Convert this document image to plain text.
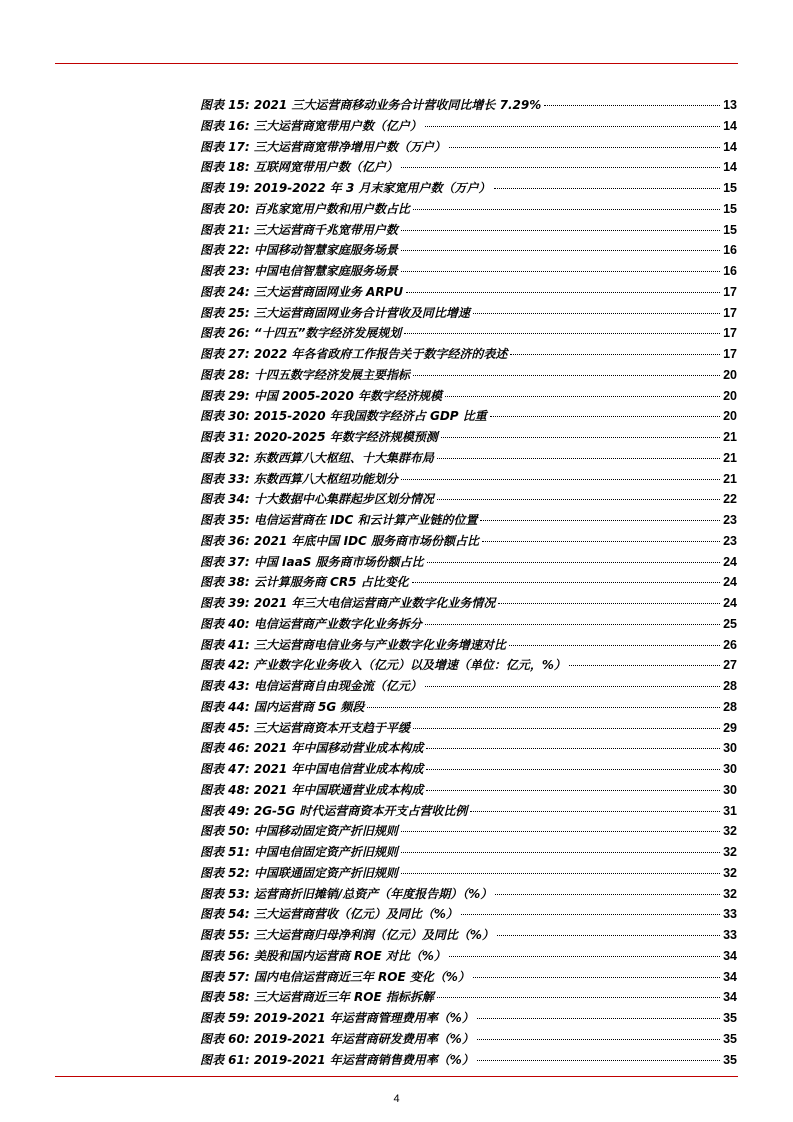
图表 15: 2021 三大运营商移动业务合计营收同比增长 7.29%	13
图表 16: 三大运营商宽带用户数（亿户）	14
图表 17: 三大运营商宽带净增用户数（万户）	14
图表 18: 互联网宽带用户数（亿户）	14
图表 19: 2019-2022 年 3 月末家宽用户数（万户）	15
图表 20: 百兆家宽用户数和用户数占比	15
图表 21: 三大运营商千兆宽带用户数	15
图表 22: 中国移动智慧家庭服务场景	16
图表 23: 中国电信智慧家庭服务场景	16
图表 24: 三大运营商固网业务 ARPU	17
图表 25: 三大运营商固网业务合计营收及同比增速	17
图表 26: “十四五”数字经济发展规划	17
图表 27: 2022 年各省政府工作报告关于数字经济的表述	17
图表 28: 十四五数字经济发展主要指标	20
图表 29: 中国 2005-2020 年数字经济规模	20
图表 30: 2015-2020 年我国数字经济占 GDP 比重	20
图表 31: 2020-2025 年数字经济规模预测	21
图表 32: 东数西算八大枢纽、十大集群布局	21
图表 33: 东数西算八大枢纽功能划分	21
图表 34: 十大数据中心集群起步区划分情况	22
图表 35: 电信运营商在 IDC 和云计算产业链的位置	23
图表 36: 2021 年底中国 IDC 服务商市场份额占比	23
图表 37: 中国 IaaS 服务商市场份额占比	24
图表 38: 云计算服务商 CR5 占比变化	24
图表 39: 2021 年三大电信运营商产业数字化业务情况	24
图表 40: 电信运营商产业数字化业务拆分	25
图表 41: 三大运营商电信业务与产业数字化业务增速对比	26
图表 42: 产业数字化业务收入（亿元）以及增速（单位：亿元，%）	27
图表 43: 电信运营商自由现金流（亿元）	28
图表 44: 国内运营商 5G 频段	28
图表 45: 三大运营商资本开支趋于平缓	29
图表 46: 2021 年中国移动营业成本构成	30
图表 47: 2021 年中国电信营业成本构成	30
图表 48: 2021 年中国联通营业成本构成	30
图表 49: 2G-5G 时代运营商资本开支占营收比例	31
图表 50: 中国移动固定资产折旧规则	32
图表 51: 中国电信固定资产折旧规则	32
图表 52: 中国联通固定资产折旧规则	32
图表 53: 运营商折旧摊销/总资产（年度报告期）（%）	32
图表 54: 三大运营商营收（亿元）及同比（%）	33
图表 55: 三大运营商归母净利润（亿元）及同比（%）	33
图表 56: 美股和国内运营商 ROE 对比（%）	34
图表 57: 国内电信运营商近三年 ROE 变化（%）	34
图表 58: 三大运营商近三年 ROE 指标拆解	34
图表 59: 2019-2021 年运营商管理费用率（%）	35
图表 60: 2019-2021 年运营商研发费用率（%）	35
图表 61: 2019-2021 年运营商销售费用率（%）	35
4
